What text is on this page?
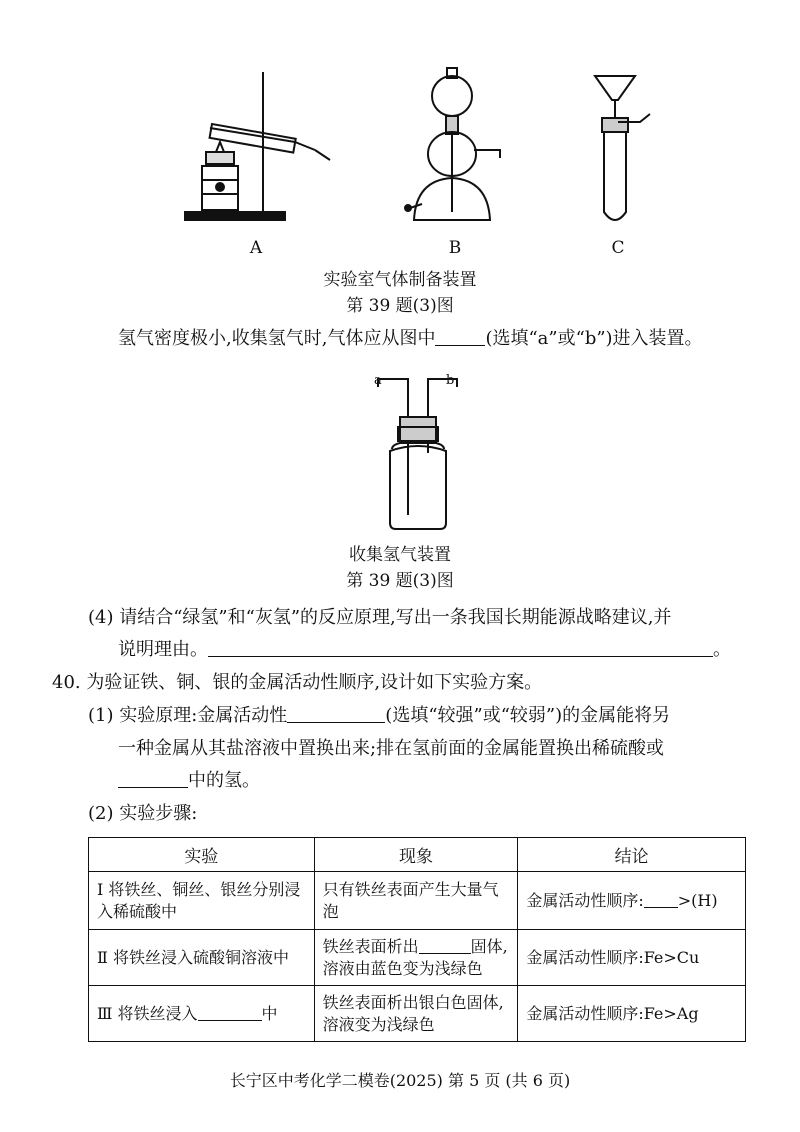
A	B	C
实验室气体制备装置
第 39 题(3)图
氢气密度极小,收集氢气时,气体应从图中	(选填“a”或“b”)进入装置。
a	b
收集氢气装置
第 39 题(3)图
(4) 请结合“绿氢”和“灰氢”的反应原理,写出一条我国长期能源战略建议,并
说明理由。	。
40. 为验证铁、铜、银的金属活动性顺序,设计如下实验方案。
(1) 实验原理:金属活动性	(选填“较强”或“较弱”)的金属能将另
一种金属从其盐溶液中置换出来;排在氢前面的金属能置换出稀硫酸或
中的氢。
(2) 实验步骤:
实验	现象	结论
Ⅰ 将铁丝、铜丝、银丝分别浸入稀硫酸中	只有铁丝表面产生大量气泡	金属活动性顺序: >(H)
Ⅱ 将铁丝浸入硫酸铜溶液中	铁丝表面析出 固体,溶液由蓝色变为浅绿色	金属活动性顺序:Fe>Cu
Ⅲ 将铁丝浸入 中	铁丝表面析出银白色固体,溶液变为浅绿色	金属活动性顺序:Fe>Ag
长宁区中考化学二模卷(2025) 第 5 页 (共 6 页)
